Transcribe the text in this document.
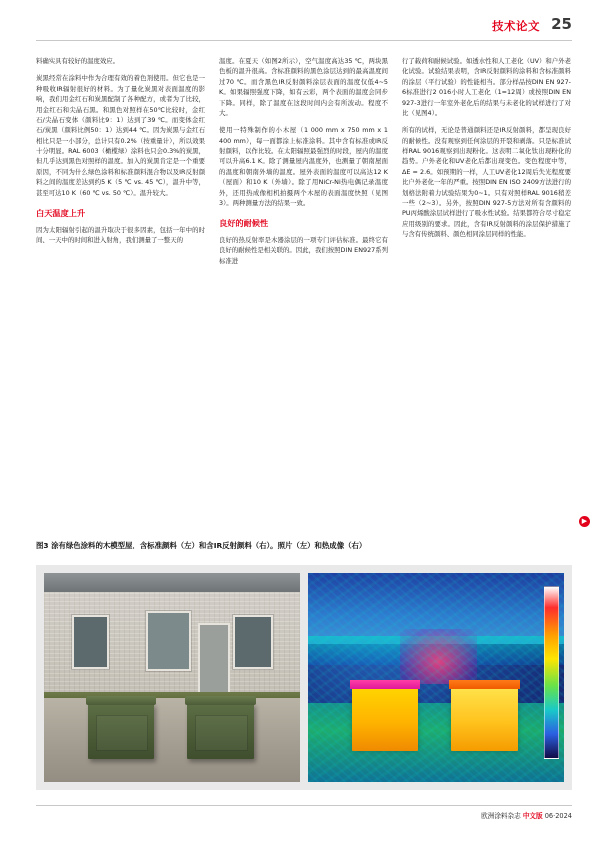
技术论文 25

料确实具有较好的温度效应。

炭黑经常在涂料中作为合理有效的着色剂使用。但它也是一种吸收IR辐射很好的材料。为了量化炭黑对表面温度的影响，我们用金红石和炭黑配制了各种配方，或者为了比较，用金红石和尖晶石黑。和黑色对照样在50℃比较时，金红石/尖晶石变体（颜料比9：1）达到了39 ℃。而变体金红石/炭黑（颜料比例50：1）达到44 ℃。因为炭黑与金红石相比只是一小部分，总计只有0.2%（按重量计），所以效果十分明显。RAL 6003（橄榄绿）涂料也只会0.3%的炭黑，但几乎达到黑色对照样的温度。加入的炭黑肯定是一个重要原因，不同为什么绿色涂料和标准颜料混合物以及IR反射颜料之间的温度差达到约5 K（5 ℃ vs. 45 ℃），温升中等，甚至可达10 K（60 ℃ vs. 50 ℃）。温升较大。

白天温度上升

因为太阳辐射引起的温升取决于很多因素，包括一年中的时间、一天中的时间和进入射角，我们测量了一整天的

温度。在夏天（如图2所示），空气温度高达35 ℃，两块黑色板的温升很高。含标准颜料的黑色涂层达到的最高温度间过70 ℃。而含黑色IR反射颜料涂层表面的温度仅低4~5 K。如果辐照强度下降，如有云彩，两个表面的温度会同步下降。同样，除了温度在这段时间内会有所波动。程度不大。

使用一特殊制作的小木屋（1 000 mm x 750 mm x 1 400 mm），每一面都涂上标准涂料。其中含有标准或IR反射颜料，以作比较。在太阳辐照最强烈的时段，屋内的温度可以升高6.1 K。除了测量屋内温度外，也测量了朝南屋面的温度和朝南外墙的温度。屋外表面的温度可以高达12 K（屋面）和10 K（外墙）。除了用NiCr-Ni热电偶记录温度外，还用热成像相机拍摄两个木屋的表面温度快照（见图3）。两种测量方法的结果一致。

良好的耐候性

良好的热反射率是木器涂层的一项专门评估标准。最终它有良好的耐候性是相关联的。因此，我们按照DIN EN927系列标准进

行了载荷和耐候试验。如透水性和人工老化（UV）和户外老化试验。试验结果表明，含IR反射颜料的涂料和含标准颜料的涂层（平行试验）的性能相当。部分样品按DIN EN 927-6标准进行2 016小时人工老化（1=12周）或按照DIN EN 927-3进行一年室外老化后的结果与未老化的试样进行了对比（见图4）。

所有的试样，无论是普通颜料还是IR反射颜料，都呈现良好的耐候性。没有观察到任何涂层的开裂和剥落。只是标准试样RAL 9016观察到出现粉化。这表明二氧化钛出现粉化的趋势。户外老化和UV老化后都出现变色。变色程度中等，ΔE = 2.6。如预期的一样，人工UV老化12周后失光程度要比户外老化一年的严重。按照DIN EN ISO 2409方法进行的划格法附着力试验结果为0~1。只有对照样RAL 9016稍差一些（2~3）。另外，按照DIN 927-5方法对所有含颜料的PU丙烯酸涂层试样进行了吸水性试验。结果都符合尽寸稳定应用级别的要求。因此，含有IR反射颜料的涂层保护措施了与含有传统颜料、颜色相同涂层同样的性能。

▶
图3 涂有绿色涂料的木模型屋．含标准颜料（左）和含IR反射颜料（右）。照片（左）和热成像（右）
欧洲涂料杂志 中文版 06·2024
